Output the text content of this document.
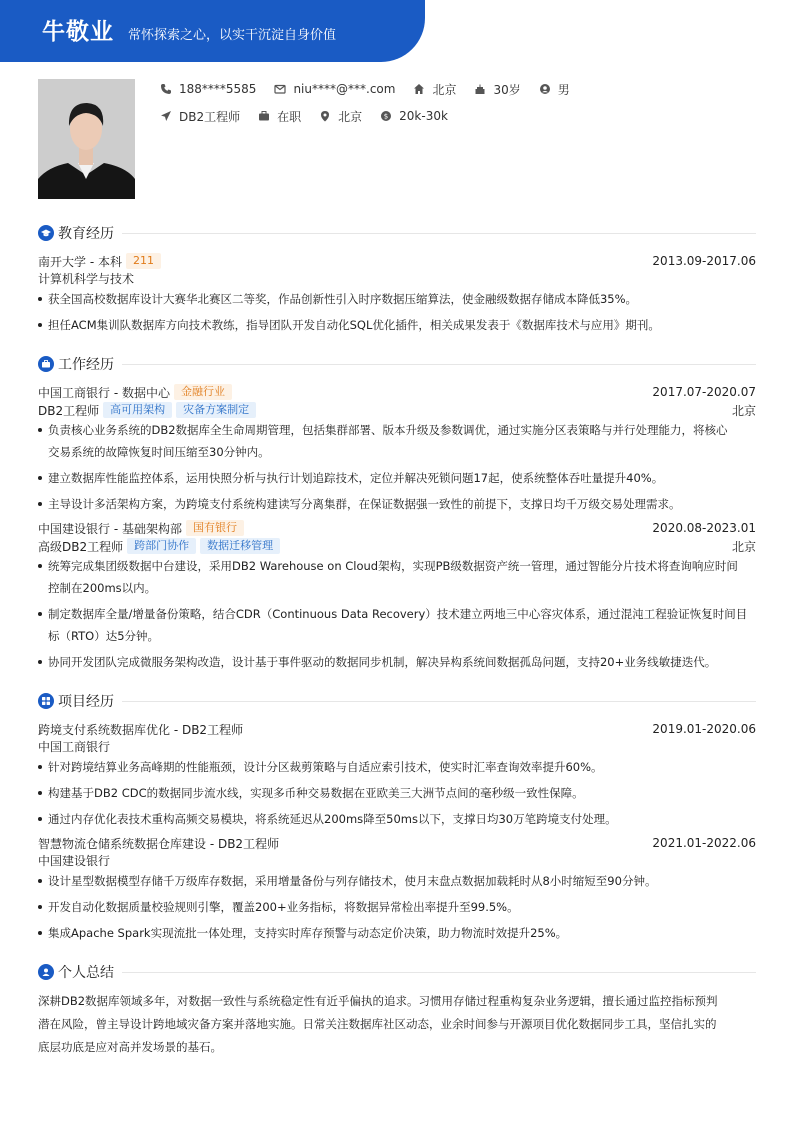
牛敬业 常怀探索之心，以实干沉淀自身价值
188****5585	niu****@***.com	北京	30岁	男
DB2工程师	在职	北京	$ 20k-30k
教育经历
南开大学 - 本科	211	2013.09-2017.06
计算机科学与技术
获全国高校数据库设计大赛华北赛区二等奖，作品创新性引入时序数据压缩算法，使金融级数据存储成本降低35%。
担任ACM集训队数据库方向技术教练，指导团队开发自动化SQL优化插件，相关成果发表于《数据库技术与应用》期刊。
工作经历
中国工商银行 - 数据中心	金融行业	2017.07-2020.07
DB2工程师	高可用架构	灾备方案制定	北京
负责核心业务系统的DB2数据库全生命周期管理，包括集群部署、版本升级及参数调优，通过实施分区表策略与并行处理能力，将核心
交易系统的故障恢复时间压缩至30分钟内。
建立数据库性能监控体系，运用快照分析与执行计划追踪技术，定位并解决死锁问题17起，使系统整体吞吐量提升40%。
主导设计多活架构方案，为跨境支付系统构建读写分离集群，在保证数据强一致性的前提下，支撑日均千万级交易处理需求。
中国建设银行 - 基础架构部	国有银行	2020.08-2023.01
高级DB2工程师	跨部门协作	数据迁移管理	北京
统筹完成集团级数据中台建设，采用DB2 Warehouse on Cloud架构，实现PB级数据资产统一管理，通过智能分片技术将查询响应时间
控制在200ms以内。
制定数据库全量/增量备份策略，结合CDR（Continuous Data Recovery）技术建立两地三中心容灾体系，通过混沌工程验证恢复时间目
标（RTO）达5分钟。
协同开发团队完成微服务架构改造，设计基于事件驱动的数据同步机制，解决异构系统间数据孤岛问题，支持20+业务线敏捷迭代。
项目经历
跨境支付系统数据库优化 - DB2工程师	2019.01-2020.06
中国工商银行
针对跨境结算业务高峰期的性能瓶颈，设计分区裁剪策略与自适应索引技术，使实时汇率查询效率提升60%。
构建基于DB2 CDC的数据同步流水线，实现多币种交易数据在亚欧美三大洲节点间的毫秒级一致性保障。
通过内存优化表技术重构高频交易模块，将系统延迟从200ms降至50ms以下，支撑日均30万笔跨境支付处理。
智慧物流仓储系统数据仓库建设 - DB2工程师	2021.01-2022.06
中国建设银行
设计星型数据模型存储千万级库存数据，采用增量备份与列存储技术，使月末盘点数据加载耗时从8小时缩短至90分钟。
开发自动化数据质量校验规则引擎，覆盖200+业务指标，将数据异常检出率提升至99.5%。
集成Apache Spark实现流批一体处理，支持实时库存预警与动态定价决策，助力物流时效提升25%。
个人总结
深耕DB2数据库领域多年，对数据一致性与系统稳定性有近乎偏执的追求。习惯用存储过程重构复杂业务逻辑，擅长通过监控指标预判
潜在风险，曾主导设计跨地域灾备方案并落地实施。日常关注数据库社区动态，业余时间参与开源项目优化数据同步工具，坚信扎实的
底层功底是应对高并发场景的基石。
